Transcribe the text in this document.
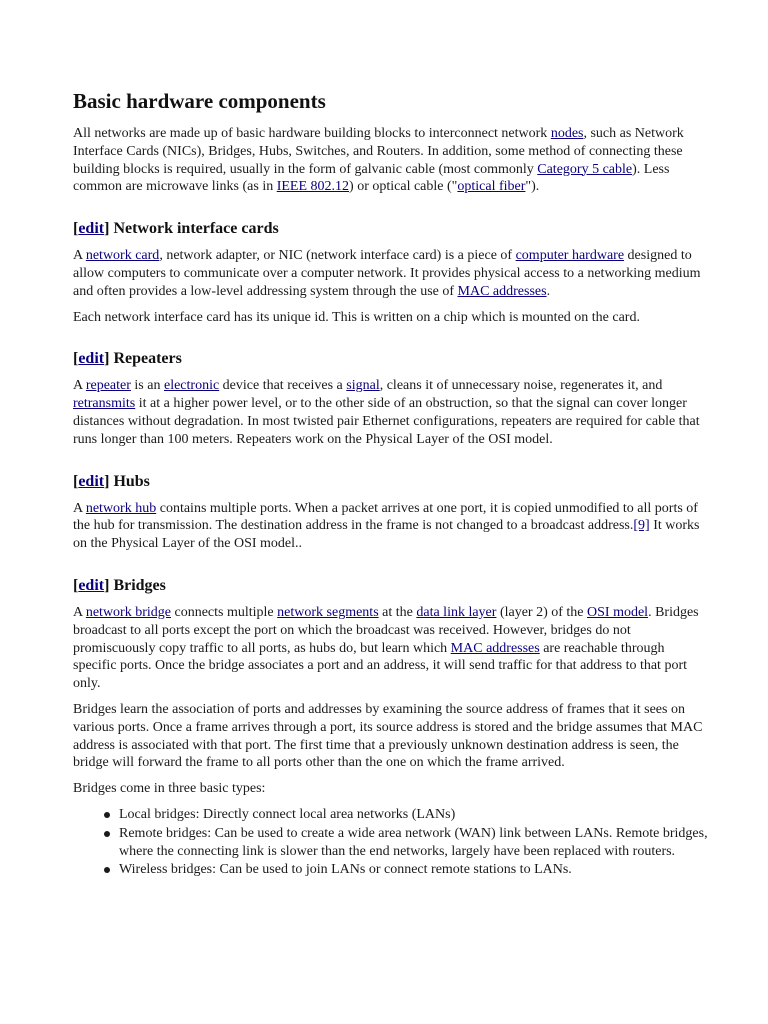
Basic hardware components

All networks are made up of basic hardware building blocks to interconnect network nodes, such as Network Interface Cards (NICs), Bridges, Hubs, Switches, and Routers. In addition, some method of connecting these building blocks is required, usually in the form of galvanic cable (most commonly Category 5 cable). Less common are microwave links (as in IEEE 802.12) or optical cable ("optical fiber").

[edit] Network interface cards

A network card, network adapter, or NIC (network interface card) is a piece of computer hardware designed to allow computers to communicate over a computer network. It provides physical access to a networking medium and often provides a low-level addressing system through the use of MAC addresses.

Each network interface card has its unique id. This is written on a chip which is mounted on the card.

[edit] Repeaters

A repeater is an electronic device that receives a signal, cleans it of unnecessary noise, regenerates it, and retransmits it at a higher power level, or to the other side of an obstruction, so that the signal can cover longer distances without degradation. In most twisted pair Ethernet configurations, repeaters are required for cable that runs longer than 100 meters. Repeaters work on the Physical Layer of the OSI model.

[edit] Hubs

A network hub contains multiple ports. When a packet arrives at one port, it is copied unmodified to all ports of the hub for transmission. The destination address in the frame is not changed to a broadcast address.[9] It works on the Physical Layer of the OSI model..

[edit] Bridges

A network bridge connects multiple network segments at the data link layer (layer 2) of the OSI model. Bridges broadcast to all ports except the port on which the broadcast was received. However, bridges do not promiscuously copy traffic to all ports, as hubs do, but learn which MAC addresses are reachable through specific ports. Once the bridge associates a port and an address, it will send traffic for that address to that port only.

Bridges learn the association of ports and addresses by examining the source address of frames that it sees on various ports. Once a frame arrives through a port, its source address is stored and the bridge assumes that MAC address is associated with that port. The first time that a previously unknown destination address is seen, the bridge will forward the frame to all ports other than the one on which the frame arrived.

Bridges come in three basic types:

Local bridges: Directly connect local area networks (LANs)
Remote bridges: Can be used to create a wide area network (WAN) link between LANs. Remote bridges, where the connecting link is slower than the end networks, largely have been replaced with routers.
Wireless bridges: Can be used to join LANs or connect remote stations to LANs.
